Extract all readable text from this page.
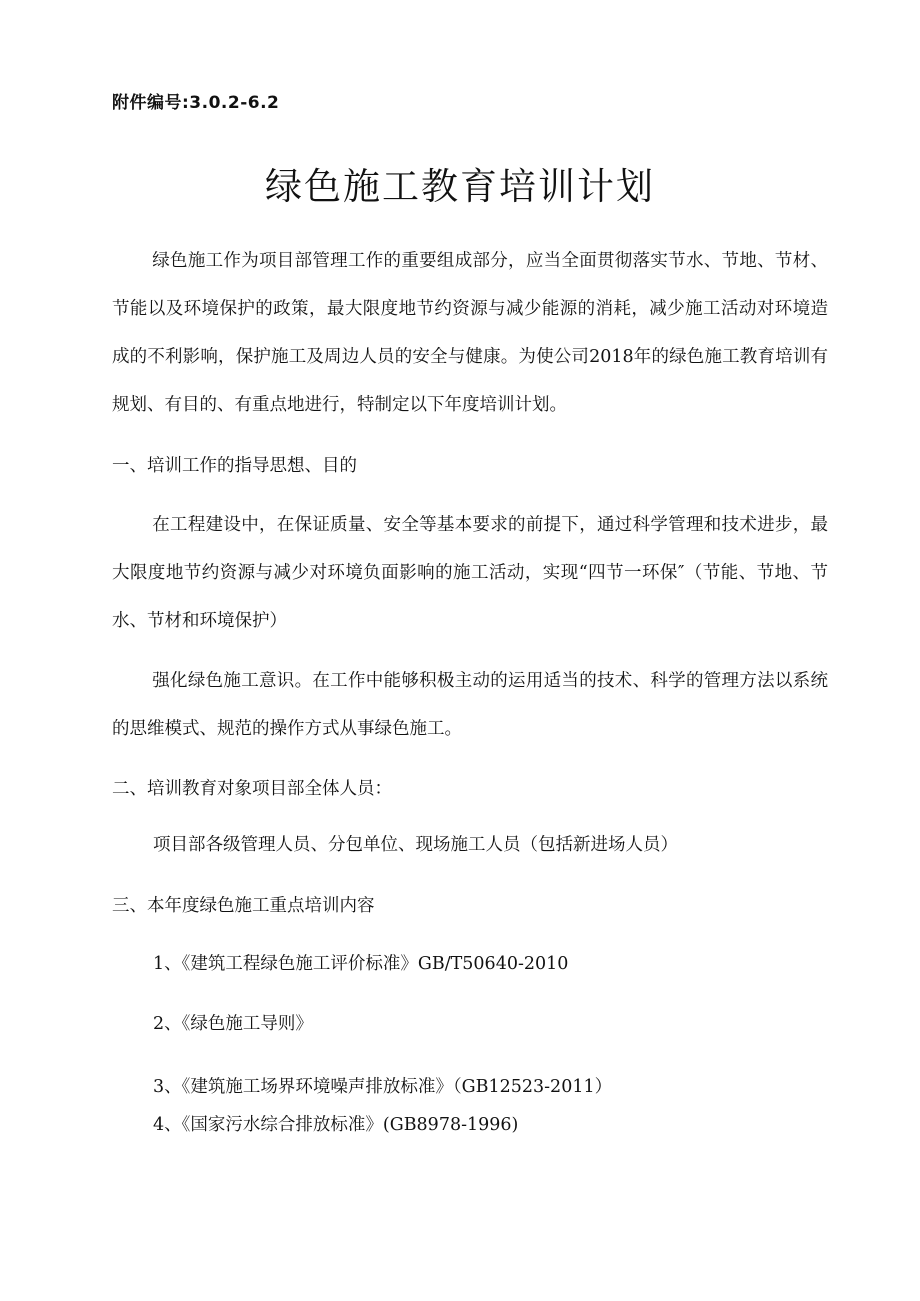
附件编号:3.0.2-6.2
绿色施工教育培训计划
绿色施工作为项目部管理工作的重要组成部分，应当全面贯彻落实节水、节地、节材、节能以及环境保护的政策，最大限度地节约资源与减少能源的消耗，减少施工活动对环境造成的不利影响，保护施工及周边人员的安全与健康。为使公司2018年的绿色施工教育培训有规划、有目的、有重点地进行，特制定以下年度培训计划。
一、培训工作的指导思想、目的
在工程建设中，在保证质量、安全等基本要求的前提下，通过科学管理和技术进步，最大限度地节约资源与减少对环境负面影响的施工活动，实现“四节一环保″（节能、节地、节水、节材和环境保护）
强化绿色施工意识。在工作中能够积极主动的运用适当的技术、科学的管理方法以系统的思维模式、规范的操作方式从事绿色施工。
二、培训教育对象项目部全体人员：
项目部各级管理人员、分包单位、现场施工人员（包括新进场人员）
三、本年度绿色施工重点培训内容
1、《建筑工程绿色施工评价标准》GB/T50640-2010
2、《绿色施工导则》
3、《建筑施工场界环境噪声排放标准》（GB12523-2011）
4、《国家污水综合排放标准》(GB8978-1996)
